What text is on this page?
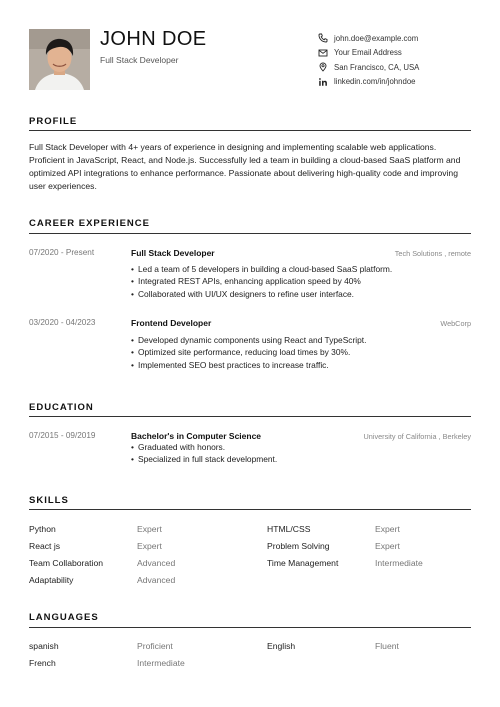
JOHN DOE
Full Stack Developer
john.doe@example.com
Your Email Address
San Francisco, CA, USA
linkedin.com/in/johndoe
PROFILE
Full Stack Developer with 4+ years of experience in designing and implementing scalable web applications. Proficient in JavaScript, React, and Node.js. Successfully led a team in building a cloud-based SaaS platform and optimized API integrations to enhance performance. Passionate about delivering high-quality code and improving user experiences.
CAREER EXPERIENCE
07/2020 - Present	Full Stack Developer	Tech Solutions , remote
• Led a team of 5 developers in building a cloud-based SaaS platform.
• Integrated REST APIs, enhancing application speed by 40%
• Collaborated with UI/UX designers to refine user interface.
03/2020 - 04/2023	Frontend Developer	WebCorp
• Developed dynamic components using React and TypeScript.
• Optimized site performance, reducing load times by 30%.
• Implemented SEO best practices to increase traffic.
EDUCATION
07/2015 - 09/2019	Bachelor's in Computer Science	University of California , Berkeley
• Graduated with honors.
• Specialized in full stack development.
SKILLS
Python	Expert	HTML/CSS	Expert
React js	Expert	Problem Solving	Expert
Team Collaboration	Advanced	Time Management	Intermediate
Adaptability	Advanced
LANGUAGES
spanish	Proficient	English	Fluent
French	Intermediate
